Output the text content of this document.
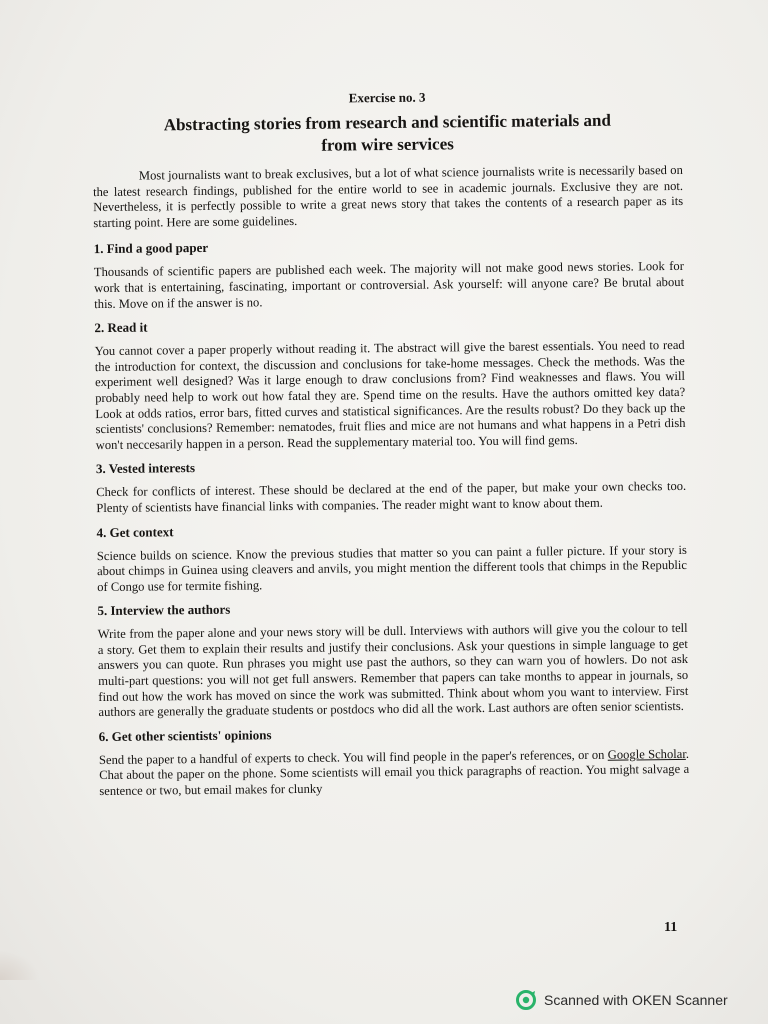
Exercise no. 3
Abstracting stories from research and scientific materials and
from wire services

Most journalists want to break exclusives, but a lot of what science journalists write is necessarily based on the latest research findings, published for the entire world to see in academic journals. Exclusive they are not. Nevertheless, it is perfectly possible to write a great news story that takes the contents of a research paper as its starting point. Here are some guidelines.

1. Find a good paper

Thousands of scientific papers are published each week. The majority will not make good news stories. Look for work that is entertaining, fascinating, important or controversial. Ask yourself: will anyone care? Be brutal about this. Move on if the answer is no.

2. Read it

You cannot cover a paper properly without reading it. The abstract will give the barest essentials. You need to read the introduction for context, the discussion and conclusions for take-home messages. Check the methods. Was the experiment well designed? Was it large enough to draw conclusions from? Find weaknesses and flaws. You will probably need help to work out how fatal they are. Spend time on the results. Have the authors omitted key data? Look at odds ratios, error bars, fitted curves and statistical significances. Are the results robust? Do they back up the scientists' conclusions? Remember: nematodes, fruit flies and mice are not humans and what happens in a Petri dish won't neccesarily happen in a person. Read the supplementary material too. You will find gems.

3. Vested interests

Check for conflicts of interest. These should be declared at the end of the paper, but make your own checks too. Plenty of scientists have financial links with companies. The reader might want to know about them.

4. Get context

Science builds on science. Know the previous studies that matter so you can paint a fuller picture. If your story is about chimps in Guinea using cleavers and anvils, you might mention the different tools that chimps in the Republic of Congo use for termite fishing.

5. Interview the authors

Write from the paper alone and your news story will be dull. Interviews with authors will give you the colour to tell a story. Get them to explain their results and justify their conclusions. Ask your questions in simple language to get answers you can quote. Run phrases you might use past the authors, so they can warn you of howlers. Do not ask multi-part questions: you will not get full answers. Remember that papers can take months to appear in journals, so find out how the work has moved on since the work was submitted. Think about whom you want to interview. First authors are generally the graduate students or postdocs who did all the work. Last authors are often senior scientists.

6. Get other scientists' opinions

Send the paper to a handful of experts to check. You will find people in the paper's references, or on Google Scholar. Chat about the paper on the phone. Some scientists will email you thick paragraphs of reaction. You might salvage a sentence or two, but email makes for clunky

11
Scanned with OKEN Scanner
